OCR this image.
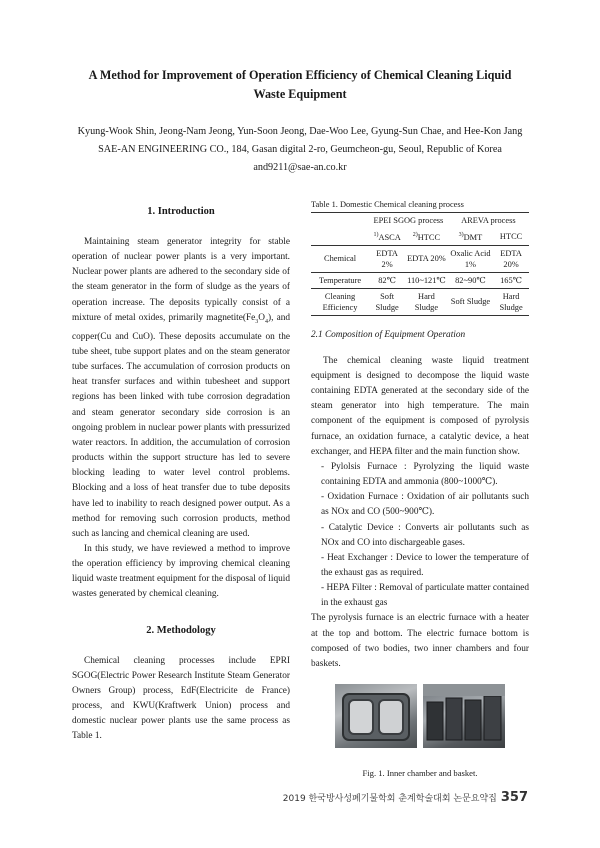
A Method for Improvement of Operation Efficiency of Chemical Cleaning Liquid
Waste Equipment
Kyung-Wook Shin, Jeong-Nam Jeong, Yun-Soon Jeong, Dae-Woo Lee, Gyung-Sun Chae, and Hee-Kon Jang
SAE-AN ENGINEERING CO., 184, Gasan digital 2-ro, Geumcheon-gu, Seoul, Republic of Korea
and9211@sae-an.co.kr
1. Introduction

Maintaining steam generator integrity for stable operation of nuclear power plants is a very important. Nuclear power plants are adhered to the secondary side of the steam generator in the form of sludge as the years of operation increase. The deposits typically consist of a mixture of metal oxides, primarily $magnetite(Fe_3O_4)$, and copper(Cu and CuO). These deposits accumulate on the tube sheet, tube support plates and on the steam generator tube surfaces. The accumulation of corrosion products on heat transfer surfaces and within tubesheet and support regions has been linked with tube corrosion degradation and steam generator secondary side corrosion is an ongoing problem in nuclear power plants with pressurized water reactors. In addition, the accumulation of corrosion products within the support structure has led to severe blocking leading to water level control problems. Blocking and a loss of heat transfer due to tube deposits have led to inability to reach designed power output. As a method for removing such corrosion products, method such as lancing and chemical cleaning are used.

In this study, we have reviewed a method to improve the operation efficiency by improving chemical cleaning liquid waste treatment equipment for the disposal of liquid wastes generated by chemical cleaning.

2. Methodology

Chemical cleaning processes include EPRI SGOG(Electric Power Research Institute Steam Generator Owners Group) process, EdF(Electricite de France) process, and KWU(Kraftwerk Union) process and domestic nuclear power plants use the same process as Table 1.

Table 1. Domestic Chemical cleaning process
	EPEI SGOG process		AREVA process	
	$^{1)}$ASCA	$^{2)}$HTCC	$^{3)}$DMT	HTCC
Chemical	EDTA 2%	EDTA 20%	Oxalic Acid 1%	EDTA 20%
Temperature	82℃	110~121℃	82~90℃	165℃
Cleaning Efficiency	Soft Sludge	Hard Sludge	Soft Sludge	Hard Sludge
2.1 Composition of Equipment Operation

The chemical cleaning waste liquid treatment equipment is designed to decompose the liquid waste containing EDTA generated at the secondary side of the steam generator into high temperature. The main component of the equipment is composed of pyrolysis furnace, an oxidation furnace, a catalytic device, a heat exchanger, and HEPA filter and the main function show.

- Pylolsis Furnace : Pyrolyzing the liquid waste containing EDTA and ammonia (800~1000℃).

- Oxidation Furnace : Oxidation of air pollutants such as NOx and CO (500~900℃).

- Catalytic Device : Converts air pollutants such as NOx and CO into dischargeable gases.

- Heat Exchanger : Device to lower the temperature of the exhaust gas as required.

- HEPA Filter : Removal of particulate matter contained in the exhaust gas

The pyrolysis furnace is an electric furnace with a heater at the top and bottom. The electric furnace bottom is composed of two bodies, two inner chambers and four baskets.

Fig. 1. Inner chamber and basket.
2019 한국방사성폐기물학회 춘계학술대회 논문요약집 357
